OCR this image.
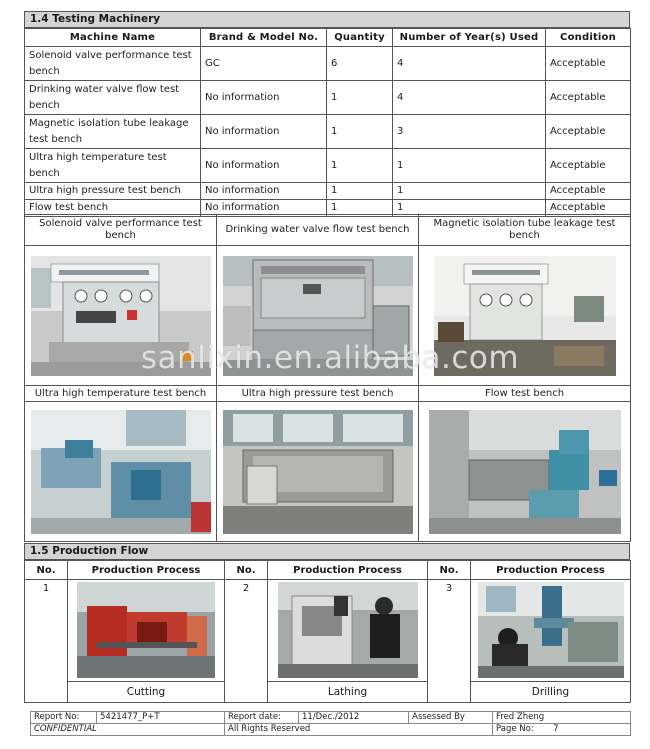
1.4 Testing Machinery
Machine Name	Brand & Model No.	Quantity	Number of Year(s) Used	Condition
Solenoid valve performance test bench	GC	6	4	Acceptable
Drinking water valve flow test bench	No information	1	4	Acceptable
Magnetic isolation tube leakage test bench	No information	1	3	Acceptable
Ultra high temperature test bench	No information	1	1	Acceptable
Ultra high pressure test bench	No information	1	1	Acceptable
Flow test bench	No information	1	1	Acceptable
Solenoid valve performance test bench	Drinking water valve flow test bench	Magnetic isolation tube leakage test bench

Ultra high temperature test bench	Ultra high pressure test bench	Flow test bench

sanlixin.en.alibaba.com
1.5 Production Flow
No.	Production Process	No.	Production Process	No.	Production Process
1		2		3	
	Cutting		Lathing		Drilling
Report No:	5421477_P+T	Report date:	11/Dec./2012	Assessed By	Fred Zheng
CONFIDENTIAL		All Rights Reserved			Page No: 7
